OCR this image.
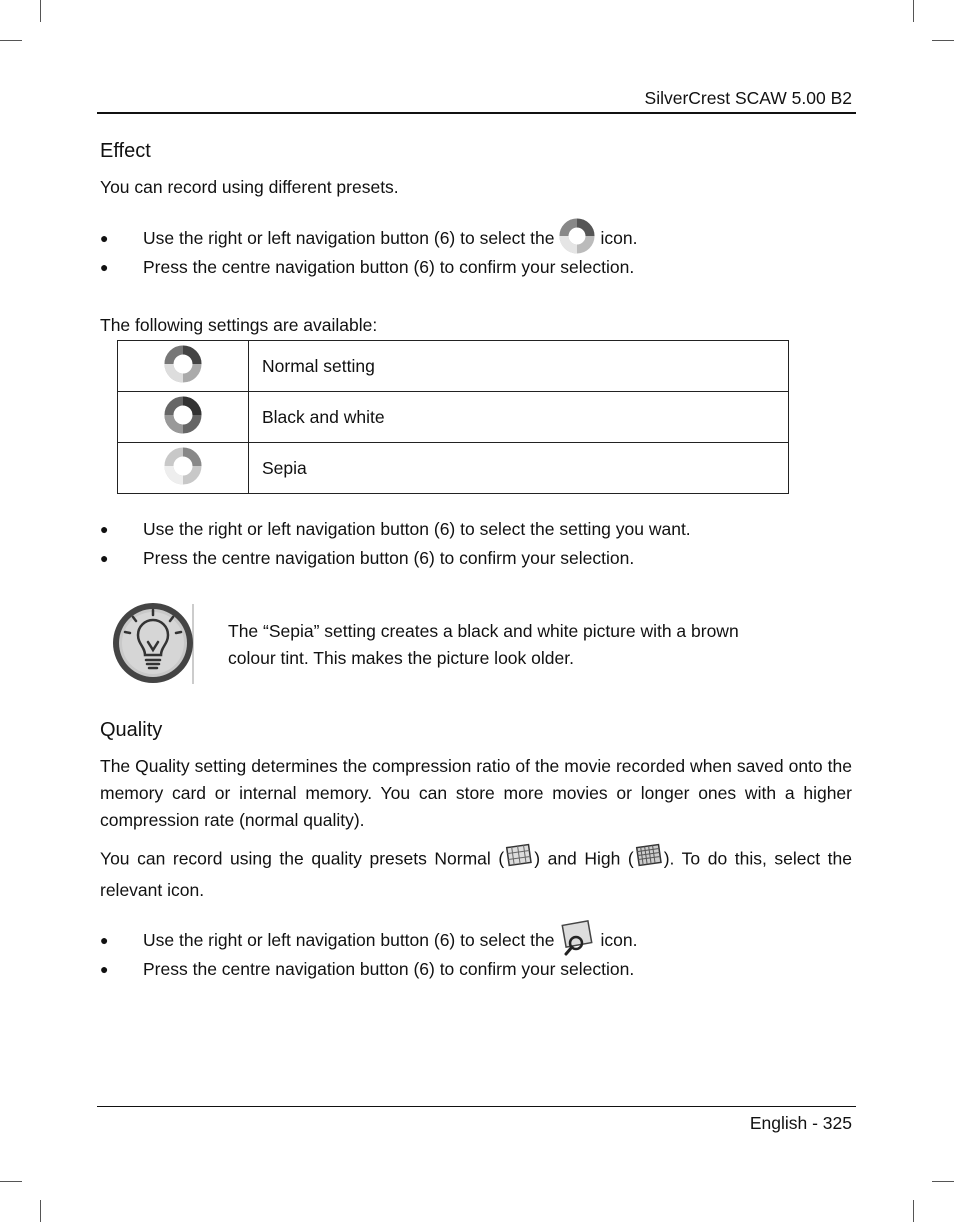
SilverCrest SCAW 5.00 B2
Effect
You can record using different presets.
● Use the right or left navigation button (6) to select the	icon.
● Press the centre navigation button (6) to confirm your selection.
The following settings are available:
	Normal setting
	Black and white
	Sepia
● Use the right or left navigation button (6) to select the setting you want.
● Press the centre navigation button (6) to confirm your selection.
The “Sepia” setting creates a black and white picture with a brown
colour tint. This makes the picture look older.
Quality
The Quality setting determines the compression ratio of the movie recorded when saved onto the memory card or internal memory. You can store more movies or longer ones with a higher compression rate (normal quality).
You can record using the quality presets Normal ( ) and High ( ). To do this, select the relevant icon.
● Use the right or left navigation button (6) to select the	icon.
● Press the centre navigation button (6) to confirm your selection.
English - 325
